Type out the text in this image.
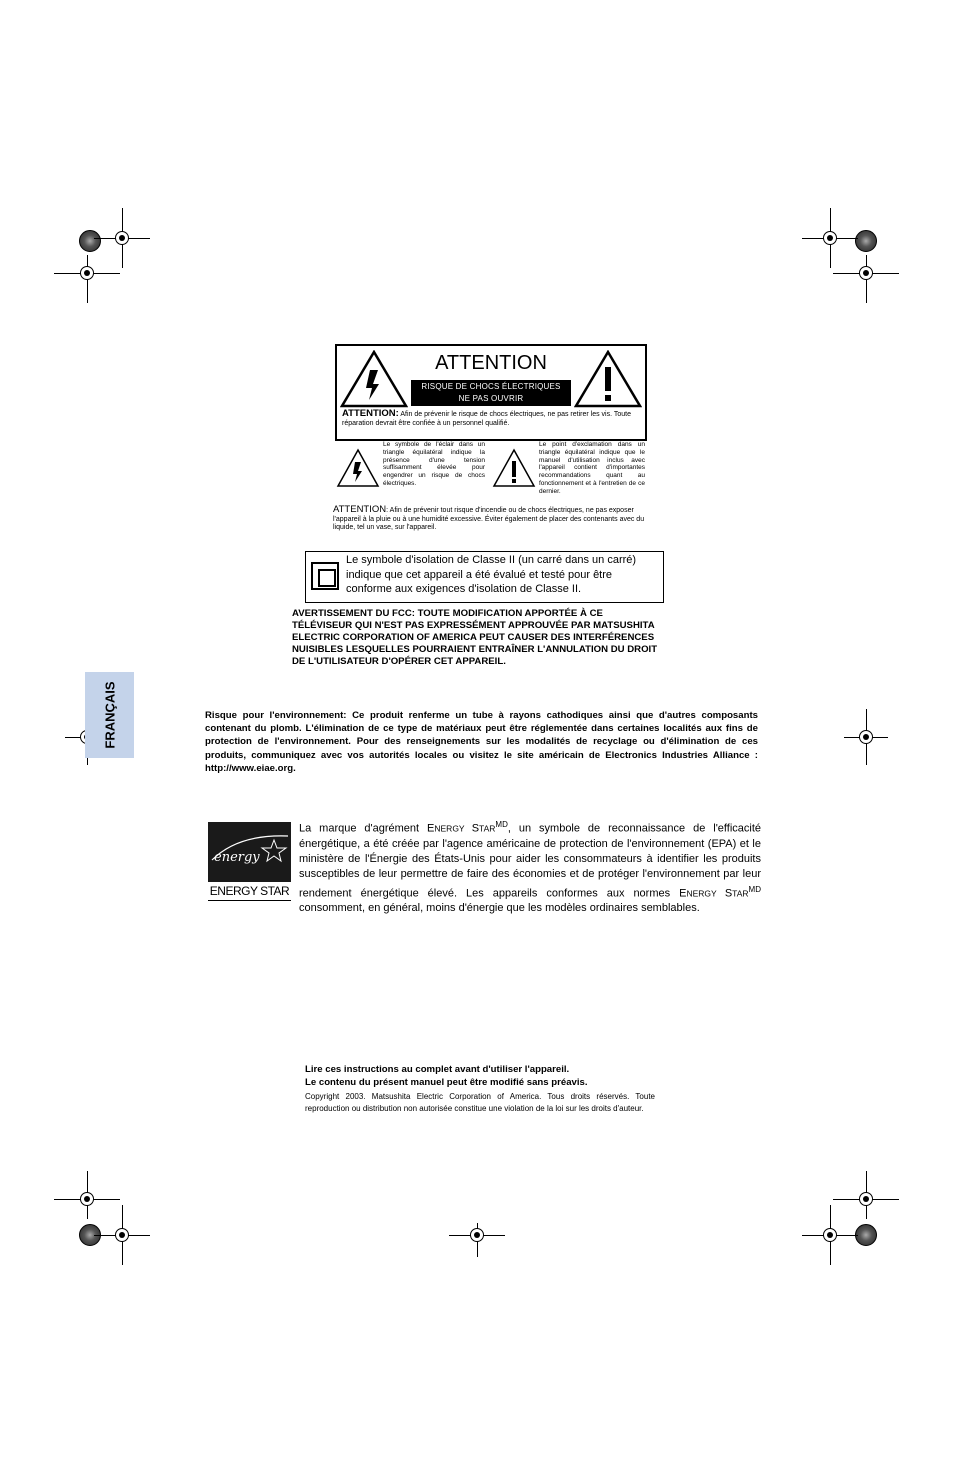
ATTENTION
RISQUE DE CHOCS ÉLECTRIQUES
NE PAS OUVRIR
ATTENTION: Afin de prévenir le risque de chocs électriques, ne pas retirer les vis. Toute réparation devrait être confiée à un personnel qualifié.
Le symbole de l'éclair dans un triangle équilatéral indique la présence d'une tension suffisamment élevée pour engendrer un risque de chocs électriques.
Le point d'exclamation dans un triangle équilatéral indique que le manuel d'utilisation inclus avec l'appareil contient d'importantes recommandations quant au fonctionnement et à l'entretien de ce dernier.
ATTENTION: Afin de prévenir tout risque d'incendie ou de chocs électriques, ne pas exposer l'appareil à la pluie ou à une humidité excessive. Éviter également de placer des contenants avec du liquide, tel un vase, sur l'appareil.
Le symbole d'isolation de Classe II (un carré dans un carré) indique que cet appareil a été évalué et testé pour être conforme aux exigences d'isolation de Classe II.
AVERTISSEMENT DU FCC: TOUTE MODIFICATION APPORTÉE À CE TÉLÉVISEUR QUI N'EST PAS EXPRESSÉMENT APPROUVÉE PAR MATSUSHITA ELECTRIC CORPORATION OF AMERICA PEUT CAUSER DES INTERFÉRENCES NUISIBLES LESQUELLES POURRAIENT ENTRAÎNER L'ANNULATION DU DROIT DE L'UTILISATEUR D'OPÉRER CET APPAREIL.
FRANÇAIS	Risque pour l'environnement: Ce produit renferme un tube à rayons cathodiques ainsi que d'autres composants contenant du plomb. L'élimination de ce type de matériaux peut être réglementée dans certaines localités aux fins de protection de l'environnement. Pour des renseignements sur les modalités de recyclage ou d'élimination de ces produits, communiquez avec vos autorités locales ou visitez le site américain de Electronics Industries Alliance : http://www.eiae.org.
energy
ENERGY STAR
La marque d'agrément ENERGY $STAR^{MD}$, un symbole de reconnaissance de l'efficacité énergétique, a été créée par l'agence américaine de protection de l'environnement (EPA) et le ministère de l'Énergie des États-Unis pour aider les consommateurs à identifier les produits susceptibles de leur permettre de faire des économies et de protéger l'environnement par leur rendement énergétique élevé. Les appareils conformes aux normes ENERGY $STAR^{MD}$ consomment, en général, moins d'énergie que les modèles ordinaires semblables.
Lire ces instructions au complet avant d'utiliser l'appareil.
Le contenu du présent manuel peut être modifié sans préavis.
Copyright 2003. Matsushita Electric Corporation of America. Tous droits réservés. Toute reproduction ou distribution non autorisée constitue une violation de la loi sur les droits d'auteur.
